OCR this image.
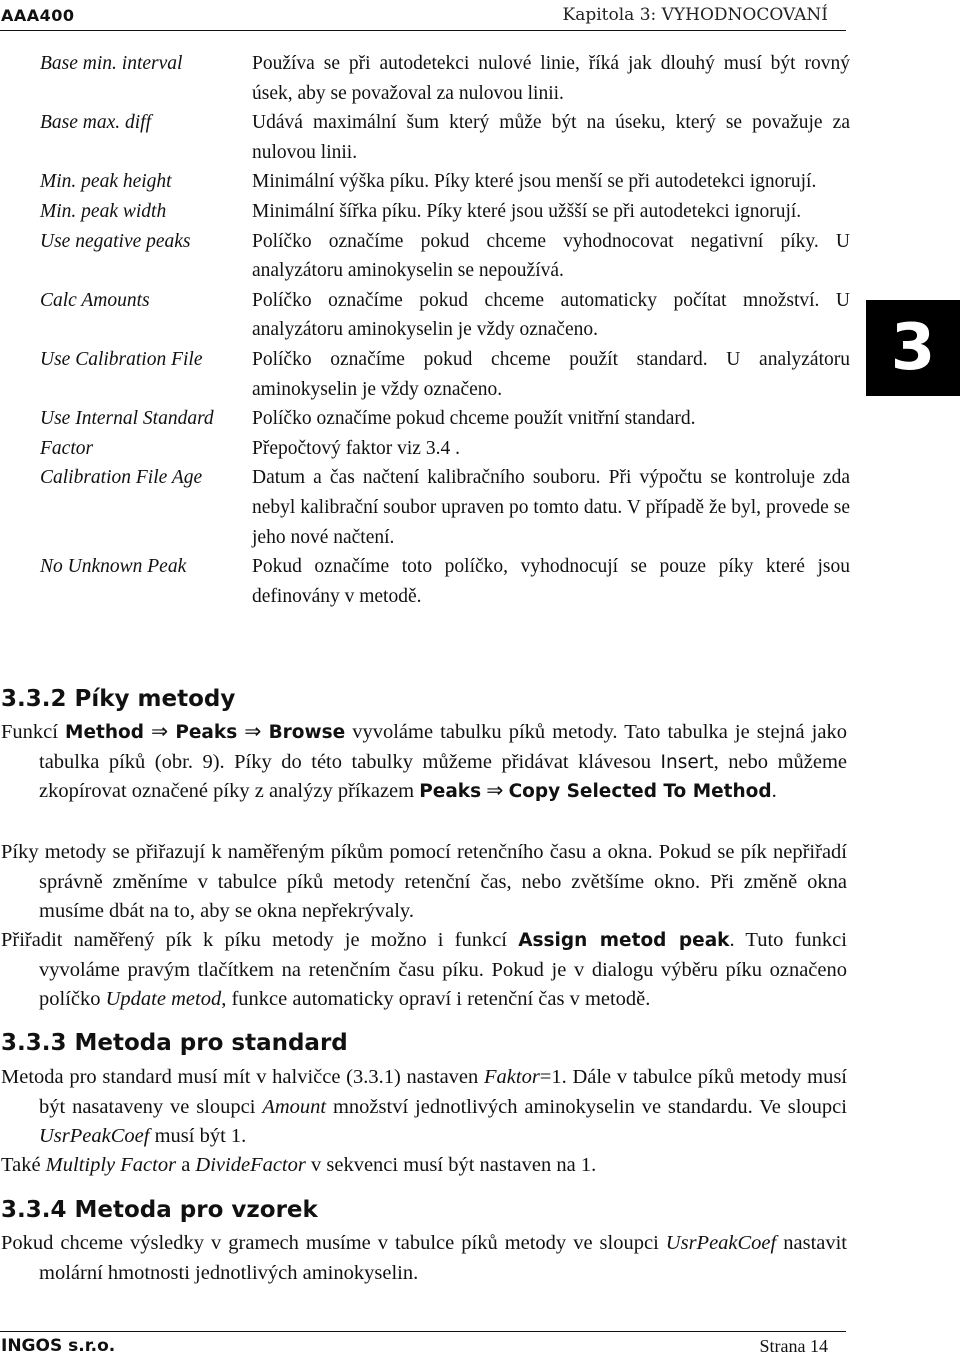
AAA400	Kapitola 3: VYHODNOCOVANÍ
3
Base min. interval	Používa se při autodetekci nulové linie, říká jak dlouhý musí být rovný úsek, aby se považoval za nulovou linii.
Base max. diff	Udává maximální šum který může být na úseku, který se považuje za nulovou linii.
Min. peak height	Minimální výška píku. Píky které jsou menší se při autodetekci ignorují.
Min. peak width	Minimální šířka píku. Píky které jsou užšší se při autodetekci ignorují.
Use negative peaks	Políčko označíme pokud chceme vyhodnocovat negativní píky. U analyzátoru aminokyselin se nepoužívá.
Calc Amounts	Políčko označíme pokud chceme automaticky počítat množství. U analyzátoru aminokyselin je vždy označeno.
Use Calibration File	Políčko označíme pokud chceme použít standard. U analyzátoru aminokyselin je vždy označeno.
Use Internal Standard	Políčko označíme pokud chceme použít vnitřní standard.
Factor	Přepočtový faktor viz 3.4 .
Calibration File Age	Datum a čas načtení kalibračního souboru. Při výpočtu se kontroluje zda nebyl kalibrační soubor upraven po tomto datu. V případě že byl, provede se jeho nové načtení.
No Unknown Peak	Pokud označíme toto políčko, vyhodnocují se pouze píky které jsou definovány v metodě.
3.3.2 Píky metody
Funkcí Method ⇒ Peaks ⇒ Browse vyvoláme tabulku píků metody. Tato tabulka je stejná jako tabulka píků (obr. 9). Píky do této tabulky můžeme přidávat klávesou Insert, nebo můžeme zkopírovat označené píky z analýzy příkazem Peaks ⇒ Copy Selected To Method.
Píky metody se přiřazují k naměřeným píkům pomocí retenčního času a okna. Pokud se pík nepřiřadí správně změníme v tabulce píků metody retenční čas, nebo zvětšíme okno. Při změně okna musíme dbát na to, aby se okna nepřekrývaly.
Přiřadit naměřený pík k píku metody je možno i funkcí Assign metod peak. Tuto funkci vyvoláme pravým tlačítkem na retenčním času píku. Pokud je v dialogu výběru píku označeno políčko Update metod, funkce automaticky opraví i retenční čas v metodě.
3.3.3 Metoda pro standard
Metoda pro standard musí mít v halvičce (3.3.1) nastaven Faktor=1. Dále v tabulce píků metody musí být nasataveny ve sloupci Amount množství jednotlivých aminokyselin ve standardu. Ve sloupci UsrPeakCoef musí být 1.
Také Multiply Factor a DivideFactor v sekvenci musí být nastaven na 1.
3.3.4 Metoda pro vzorek
Pokud chceme výsledky v gramech musíme v tabulce píků metody ve sloupci UsrPeakCoef nastavit molární hmotnosti jednotlivých aminokyselin.
INGOS s.r.o.	Strana 14
